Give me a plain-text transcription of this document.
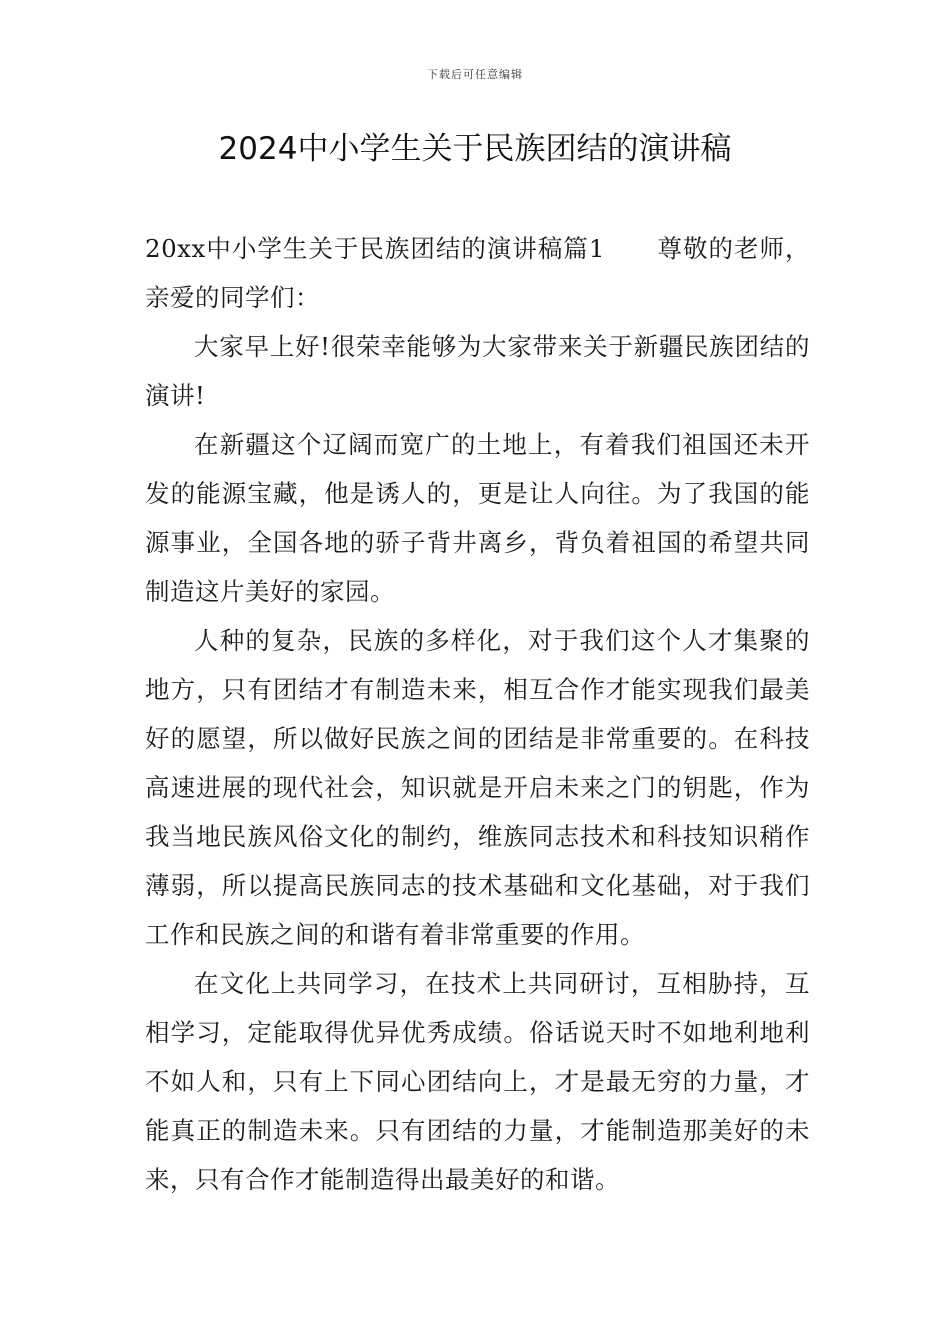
下载后可任意编辑
2024中小学生关于民族团结的演讲稿

20xx中小学生关于民族团结的演讲稿篇1 尊敬的老师，亲爱的同学们：

大家早上好!很荣幸能够为大家带来关于新疆民族团结的演讲!

在新疆这个辽阔而宽广的土地上，有着我们祖国还未开发的能源宝藏，他是诱人的，更是让人向往。为了我国的能源事业，全国各地的骄子背井离乡，背负着祖国的希望共同制造这片美好的家园。

人种的复杂，民族的多样化，对于我们这个人才集聚的地方，只有团结才有制造未来，相互合作才能实现我们最美好的愿望，所以做好民族之间的团结是非常重要的。在科技高速进展的现代社会，知识就是开启未来之门的钥匙，作为我当地民族风俗文化的制约，维族同志技术和科技知识稍作薄弱，所以提高民族同志的技术基础和文化基础，对于我们工作和民族之间的和谐有着非常重要的作用。

在文化上共同学习，在技术上共同研讨，互相胁持，互相学习，定能取得优异优秀成绩。俗话说天时不如地利地利不如人和，只有上下同心团结向上，才是最无穷的力量，才能真正的制造未来。只有团结的力量，才能制造那美好的未来，只有合作才能制造得出最美好的和谐。
